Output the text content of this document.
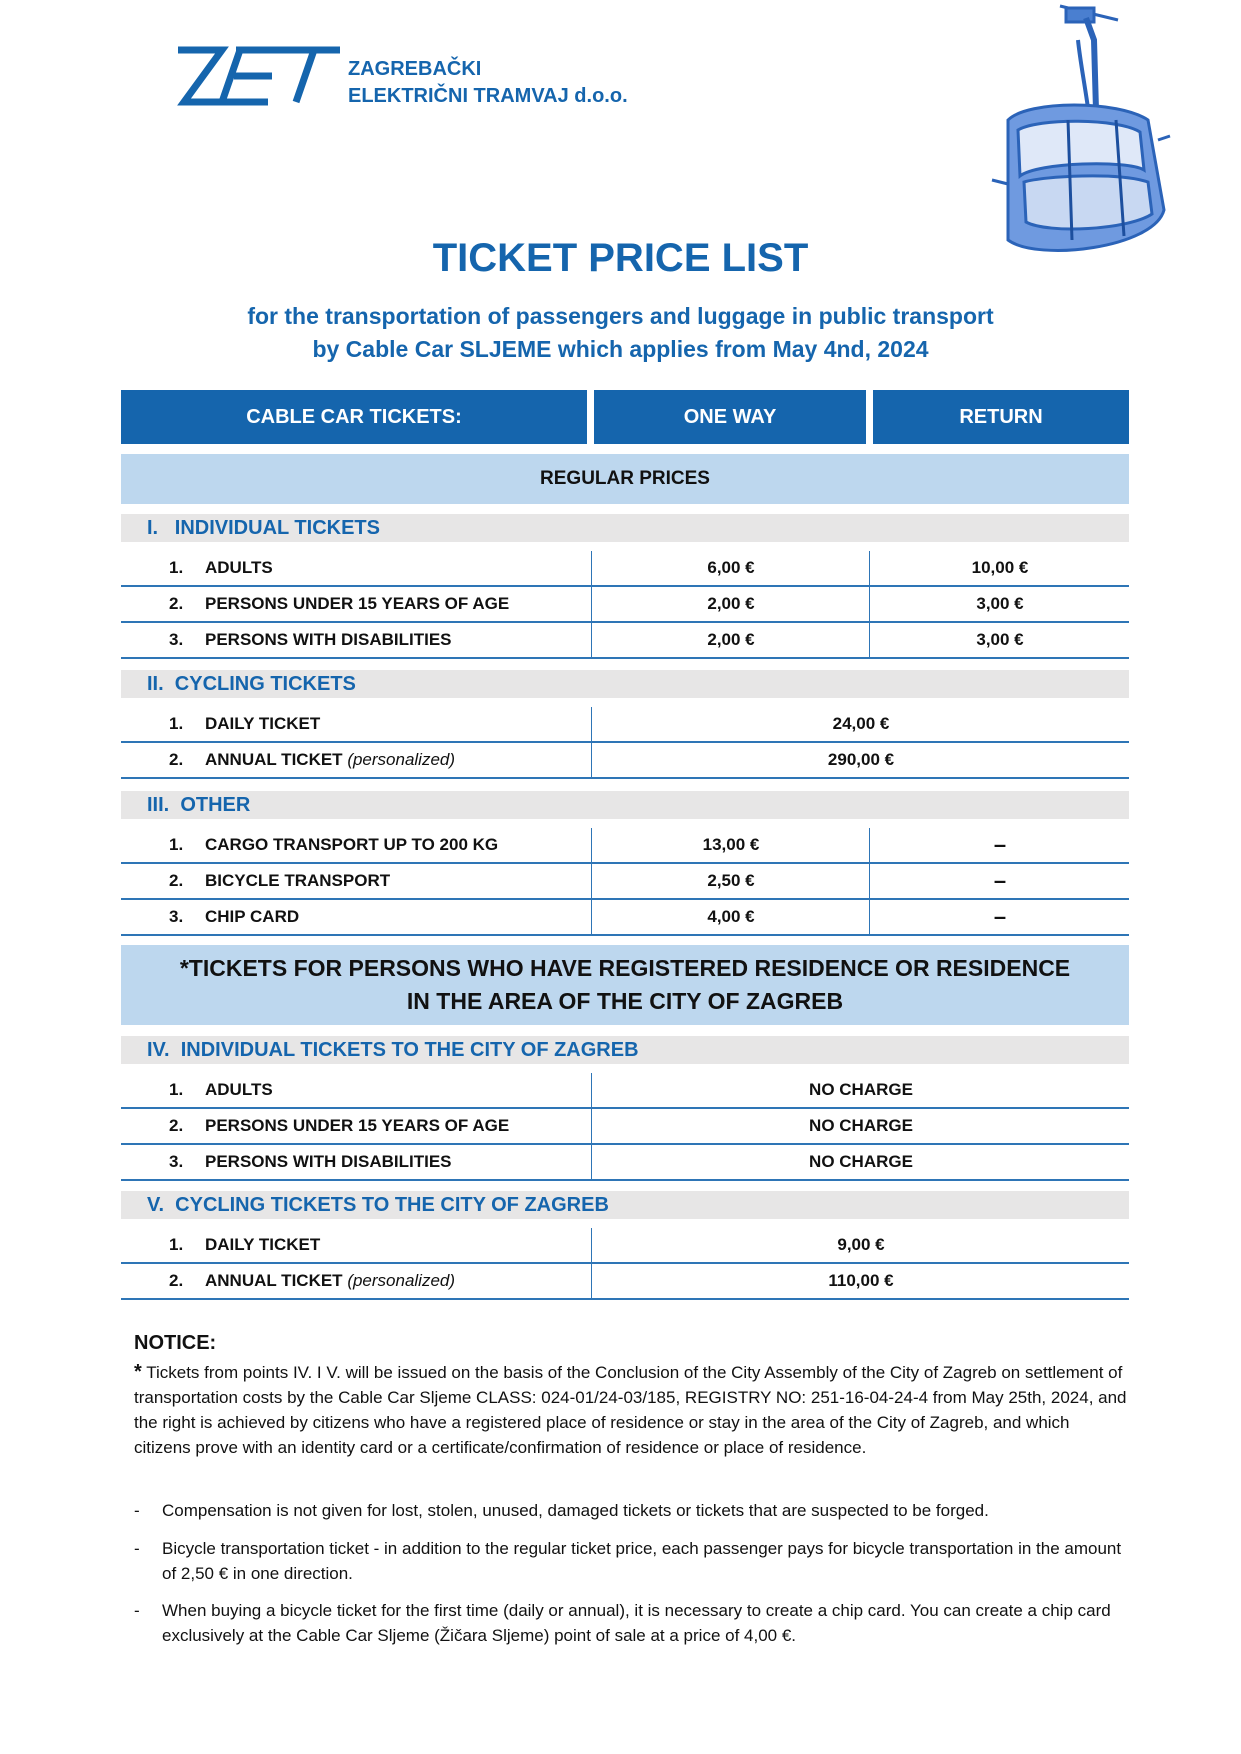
ZAGREBAČKI
ELEKTRIČNI TRAMVAJ d.o.o.
TICKET PRICE LIST
for the transportation of passengers and luggage in public transport
by Cable Car SLJEME which applies from May 4nd, 2024
CABLE CAR TICKETS:	ONE WAY	RETURN
REGULAR PRICES
I.   INDIVIDUAL TICKETS
1. ADULTS	6,00 €	10,00 €
2. PERSONS UNDER 15 YEARS OF AGE	2,00 €	3,00 €
3. PERSONS WITH DISABILITIES	2,00 €	3,00 €
II.  CYCLING TICKETS
1. DAILY TICKET	24,00 €
2. ANNUAL TICKET (personalized)	290,00 €
III.  OTHER
1. CARGO TRANSPORT UP TO 200 KG	13,00 €	–
2. BICYCLE TRANSPORT	2,50 €	–
3. CHIP CARD	4,00 €	–
*TICKETS FOR PERSONS WHO HAVE REGISTERED RESIDENCE OR RESIDENCE
IN THE AREA OF THE CITY OF ZAGREB
IV.  INDIVIDUAL TICKETS TO THE CITY OF ZAGREB
1. ADULTS	NO CHARGE
2. PERSONS UNDER 15 YEARS OF AGE	NO CHARGE
3. PERSONS WITH DISABILITIES	NO CHARGE
V.  CYCLING TICKETS TO THE CITY OF ZAGREB
1. DAILY TICKET	9,00 €
2. ANNUAL TICKET (personalized)	110,00 €
NOTICE:
* Tickets from points IV. I V. will be issued on the basis of the Conclusion of the City Assembly of the City of Zagreb on settlement of transportation costs by the Cable Car Sljeme CLASS: 024-01/24-03/185, REGISTRY NO: 251-16-04-24-4 from May 25th, 2024, and the right is achieved by citizens who have a registered place of residence or stay in the area of the City of Zagreb, and which citizens prove with an identity card or a certificate/confirmation of residence or place of residence.
- Compensation is not given for lost, stolen, unused, damaged tickets or tickets that are suspected to be forged.
- Bicycle transportation ticket - in addition to the regular ticket price, each passenger pays for bicycle transportation in the amount of 2,50 € in one direction.
- When buying a bicycle ticket for the first time (daily or annual), it is necessary to create a chip card. You can create a chip card exclusively at the Cable Car Sljeme (Žičara Sljeme) point of sale at a price of 4,00 €.
